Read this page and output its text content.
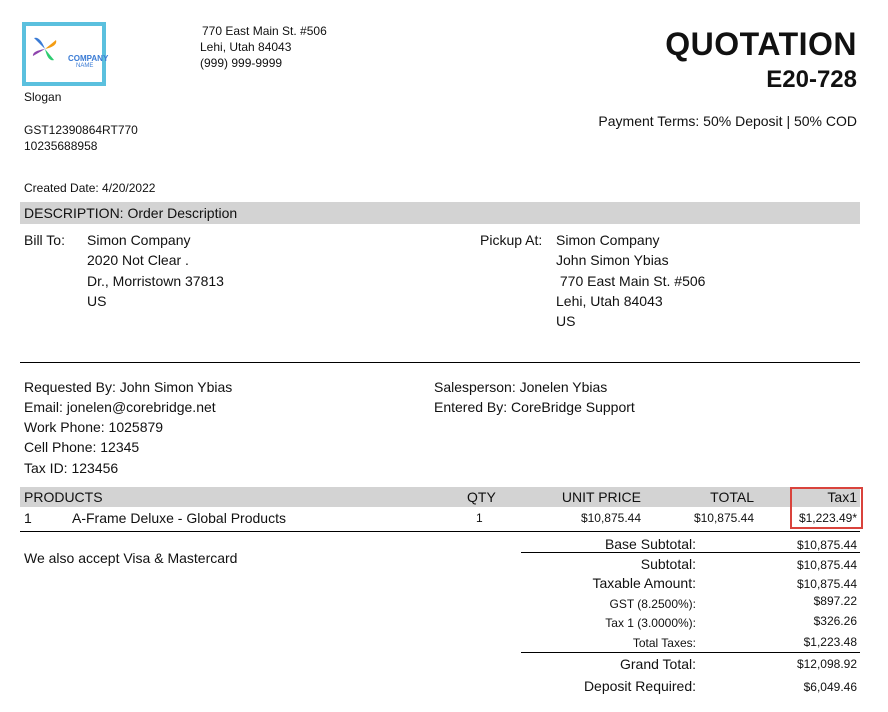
COMPANY
NAME
770 East Main St. #506
Lehi, Utah 84043
(999) 999-9999
Slogan
GST12390864RT770
10235688958
QUOTATION
E20-728
Payment Terms: 50% Deposit | 50% COD
Created Date: 4/20/2022
DESCRIPTION: Order Description
Bill To: Simon Company
2020 Not Clear .
Dr., Morristown 37813
US
Pickup At: Simon Company
John Simon Ybias
770 East Main St. #506
Lehi, Utah 84043
US
Requested By: John Simon Ybias
Email: jonelen@corebridge.net
Work Phone: 1025879
Cell Phone: 12345
Tax ID: 123456
Salesperson: Jonelen Ybias
Entered By: CoreBridge Support
PRODUCTS	QTY	UNIT PRICE	TOTAL	Tax1
1	A-Frame Deluxe - Global Products	1	$10,875.44	$10,875.44	$1,223.49*
We also accept Visa & Mastercard
Base Subtotal:	$10,875.44
Subtotal:	$10,875.44
Taxable Amount:	$10,875.44
GST (8.2500%):	$897.22
Tax 1 (3.0000%):	$326.26
Total Taxes:	$1,223.48
Grand Total:	$12,098.92
Deposit Required:	$6,049.46
